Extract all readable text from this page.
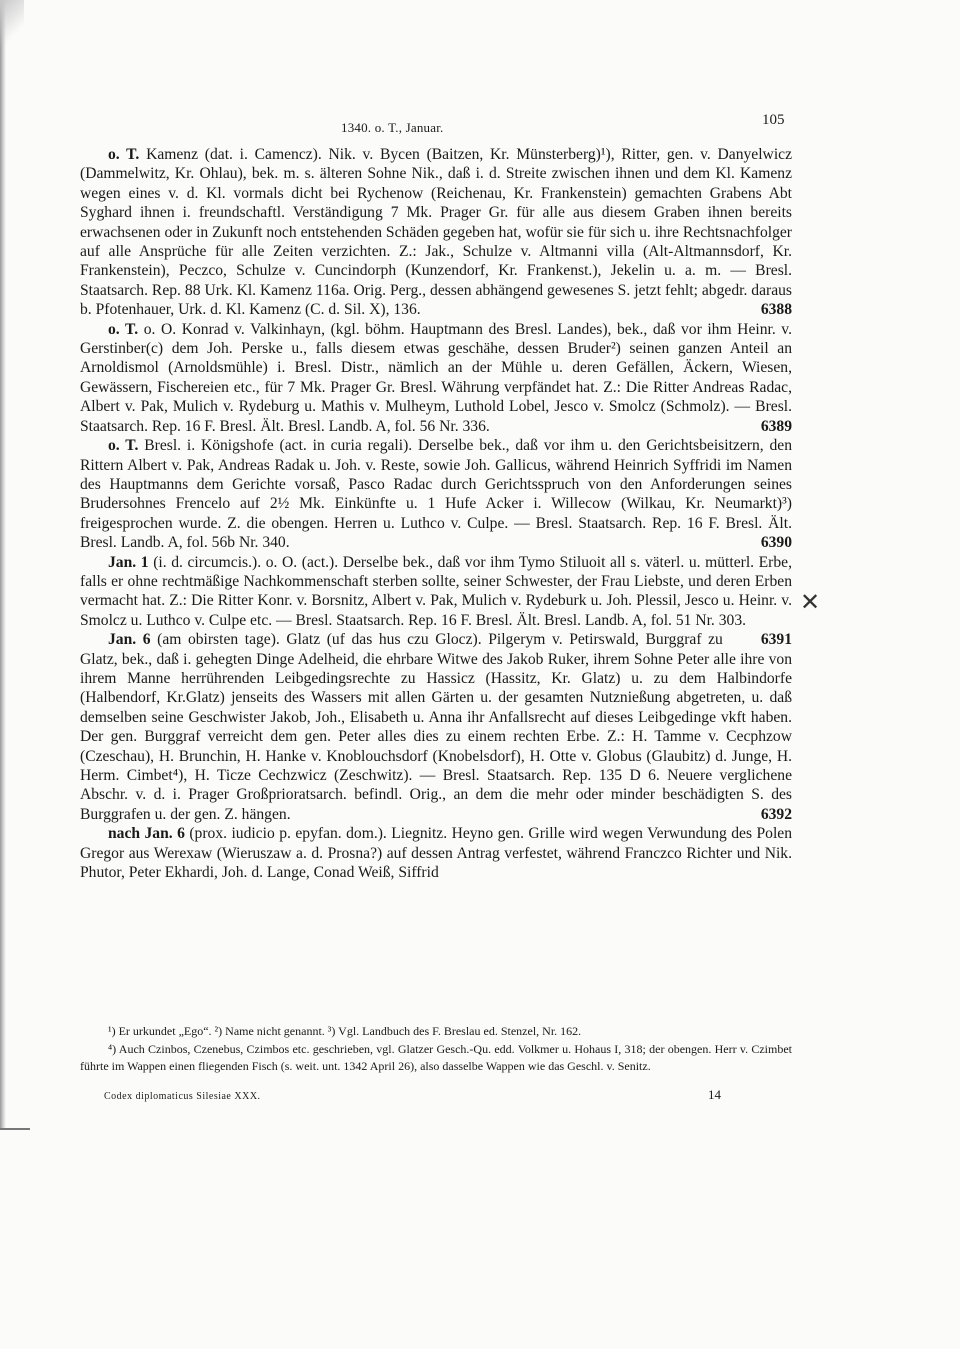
1340. o. T., Januar.	105

o. T. Kamenz (dat. i. Camencz). Nik. v. Bycen (Baitzen, Kr. Münsterberg)¹), Ritter, gen. v. Danyelwicz (Dammelwitz, Kr. Ohlau), bek. m. s. älteren Sohne Nik., daß i. d. Streite zwischen ihnen und dem Kl. Kamenz wegen eines v. d. Kl. vormals dicht bei Rychenow (Reichenau, Kr. Frankenstein) gemachten Grabens Abt Syghard ihnen i. freundschaftl. Verständigung 7 Mk. Prager Gr. für alle aus diesem Graben ihnen bereits erwachsenen oder in Zukunft noch entstehenden Schäden gegeben hat, wofür sie für sich u. ihre Rechtsnachfolger auf alle Ansprüche für alle Zeiten verzichten. Z.: Jak., Schulze v. Altmanni villa (Alt-Altmannsdorf, Kr. Frankenstein), Peczco, Schulze v. Cuncindorph (Kunzendorf, Kr. Frankenst.), Jekelin u. a. m. — Bresl. Staatsarch. Rep. 88 Urk. Kl. Kamenz 116a. Orig. Perg., dessen abhängend gewesenes S. jetzt fehlt; abgedr. daraus b. Pfotenhauer, Urk. d. Kl. Kamenz (C. d. Sil. X), 136.	6388

o. T. o. O. Konrad v. Valkinhayn, (kgl. böhm. Hauptmann des Bresl. Landes), bek., daß vor ihm Heinr. v. Gerstinber(c) dem Joh. Perske u., falls diesem etwas geschähe, dessen Bruder²) seinen ganzen Anteil an Arnoldismol (Arnoldsmühle) i. Bresl. Distr., nämlich an der Mühle u. deren Gefällen, Äckern, Wiesen, Gewässern, Fischereien etc., für 7 Mk. Prager Gr. Bresl. Währung verpfändet hat. Z.: Die Ritter Andreas Radac, Albert v. Pak, Mulich v. Rydeburg u. Mathis v. Mulheym, Luthold Lobel, Jesco v. Smolcz (Schmolz). — Bresl. Staatsarch. Rep. 16 F. Bresl. Ält. Bresl. Landb. A, fol. 56 Nr. 336.	6389

o. T. Bresl. i. Königshofe (act. in curia regali). Derselbe bek., daß vor ihm u. den Gerichtsbeisitzern, den Rittern Albert v. Pak, Andreas Radak u. Joh. v. Reste, sowie Joh. Gallicus, während Heinrich Syffridi im Namen des Hauptmanns dem Gerichte vorsaß, Pasco Radac durch Gerichtsspruch von den Anforderungen seines Brudersohnes Frencelo auf 2½ Mk. Einkünfte u. 1 Hufe Acker i. Willecow (Wilkau, Kr. Neumarkt)³) freigesprochen wurde. Z. die obengen. Herren u. Luthco v. Culpe. — Bresl. Staatsarch. Rep. 16 F. Bresl. Ält. Bresl. Landb. A, fol. 56b Nr. 340.	6390

Jan. 1 (i. d. circumcis.). o. O. (act.). Derselbe bek., daß vor ihm Tymo Stiluoit all s. väterl. u. mütterl. Erbe, falls er ohne rechtmäßige Nachkommenschaft sterben sollte, seiner Schwester, der Frau Liebste, und deren Erben vermacht hat. Z.: Die Ritter Konr. v. Borsnitz, Albert v. Pak, Mulich v. Rydeburk u. Joh. Plessil, Jesco u. Heinr. v. Smolcz u. Luthco v. Culpe etc. — Bresl. Staatsarch. Rep. 16 F. Bresl. Ält. Bresl. Landb. A, fol. 51 Nr. 303.
6391

Jan. 6 (am obirsten tage). Glatz (uf das hus czu Glocz). Pilgerym v. Petirswald, Burggraf zu Glatz, bek., daß i. gehegten Dinge Adelheid, die ehrbare Witwe des Jakob Ruker, ihrem Sohne Peter alle ihre von ihrem Manne herrührenden Leibgedingsrechte zu Hassicz (Hassitz, Kr. Glatz) u. zu dem Halbindorfe (Halbendorf, Kr.Glatz) jenseits des Wassers mit allen Gärten u. der gesamten Nutznießung abgetreten, u. daß demselben seine Geschwister Jakob, Joh., Elisabeth u. Anna ihr Anfallsrecht auf dieses Leibgedinge vkft haben. Der gen. Burggraf verreicht dem gen. Peter alles dies zu einem rechten Erbe. Z.: H. Tamme v. Cecphzow (Czeschau), H. Brunchin, H. Hanke v. Knoblouchsdorf (Knobelsdorf), H. Otte v. Globus (Glaubitz) d. Junge, H. Herm. Cimbet⁴), H. Ticze Cechzwicz (Zeschwitz). — Bresl. Staatsarch. Rep. 135 D 6. Neuere verglichene Abschr. v. d. i. Prager Großprioratsarch. befindl. Orig., an dem die mehr oder minder beschädigten S. des Burggrafen u. der gen. Z. hängen.	6392

nach Jan. 6 (prox. iudicio p. epyfan. dom.). Liegnitz. Heyno gen. Grille wird wegen Verwundung des Polen Gregor aus Werexaw (Wieruszaw a. d. Prosna?) auf dessen Antrag verfestet, während Franczco Richter und Nik. Phutor, Peter Ekhardi, Joh. d. Lange, Conad Weiß, Siffrid

✕

¹) Er urkundet „Ego“. ²) Name nicht genannt. ³) Vgl. Landbuch des F. Breslau ed. Stenzel, Nr. 162.

⁴) Auch Czinbos, Czenebus, Czimbos etc. geschrieben, vgl. Glatzer Gesch.-Qu. edd. Volkmer u. Hohaus I, 318; der obengen. Herr v. Czimbet führte im Wappen einen fliegenden Fisch (s. weit. unt. 1342 April 26), also dasselbe Wappen wie das Geschl. v. Senitz.

Codex diplomaticus Silesiae XXX.	14
